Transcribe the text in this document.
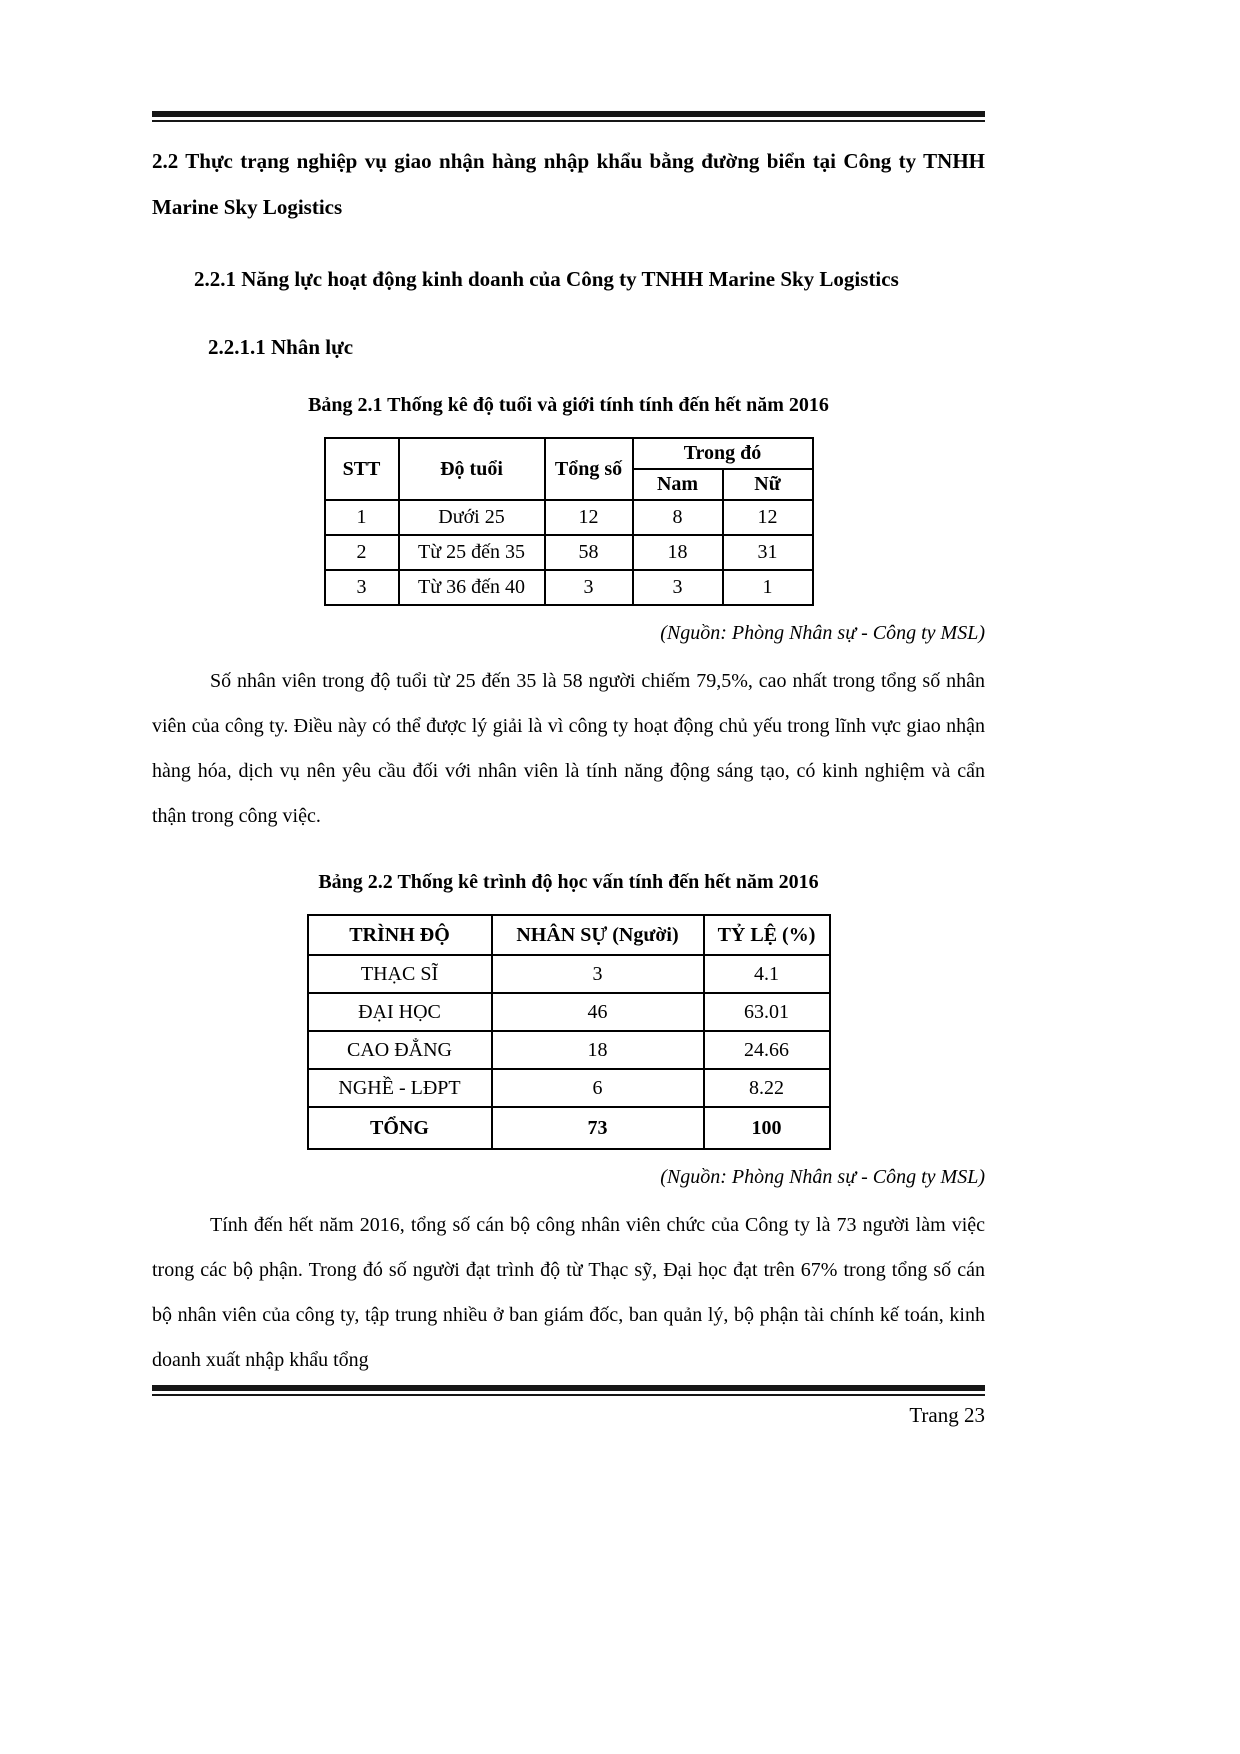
2.2 Thực trạng nghiệp vụ giao nhận hàng nhập khẩu bằng đường biển tại Công ty TNHH Marine Sky Logistics
2.2.1 Năng lực hoạt động kinh doanh của Công ty TNHH Marine Sky Logistics
2.2.1.1 Nhân lực

Bảng 2.1 Thống kê độ tuổi và giới tính tính đến hết năm 2016

STT	Độ tuổi	Tổng số	Trong đó	
			Nam	Nữ
1	Dưới 25	12	8	12
2	Từ 25 đến 35	58	18	31
3	Từ 36 đến 40	3	3	1

(Nguồn: Phòng Nhân sự - Công ty MSL)

Số nhân viên trong độ tuổi từ 25 đến 35 là 58 người chiếm 79,5%, cao nhất trong tổng số nhân viên của công ty. Điều này có thể được lý giải là vì công ty hoạt động chủ yếu trong lĩnh vực giao nhận hàng hóa, dịch vụ nên yêu cầu đối với nhân viên là tính năng động sáng tạo, có kinh nghiệm và cẩn thận trong công việc.

Bảng 2.2 Thống kê trình độ học vấn tính đến hết năm 2016

TRÌNH ĐỘ	NHÂN SỰ (Người)	TỶ LỆ (%)
THẠC SĨ	3	4.1
ĐẠI HỌC	46	63.01
CAO ĐẲNG	18	24.66
NGHỀ - LĐPT	6	8.22
TỔNG	73	100

(Nguồn: Phòng Nhân sự - Công ty MSL)

Tính đến hết năm 2016, tổng số cán bộ công nhân viên chức của Công ty là 73 người làm việc trong các bộ phận. Trong đó số người đạt trình độ từ Thạc sỹ, Đại học đạt trên 67% trong tổng số cán bộ nhân viên của công ty, tập trung nhiều ở ban giám đốc, ban quản lý, bộ phận tài chính kế toán, kinh doanh xuất nhập khẩu tổng

Trang 23
